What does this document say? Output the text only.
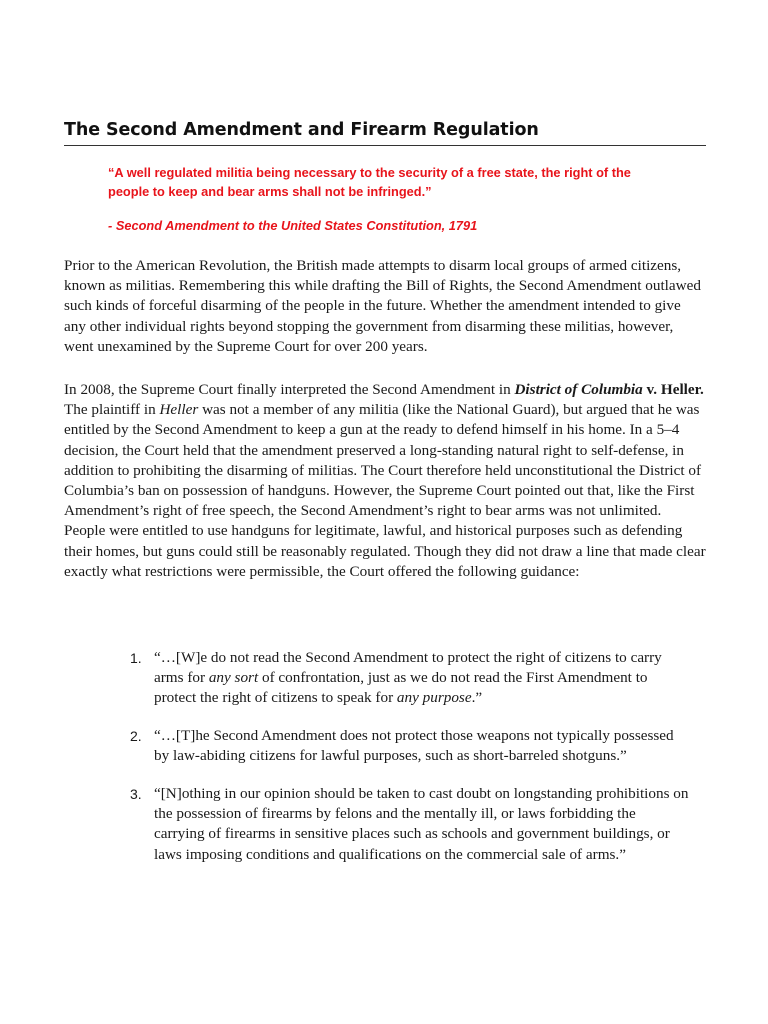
The Second Amendment and Firearm Regulation
“A well regulated militia being necessary to the security of a free state, the right of the people to keep and bear arms shall not be infringed.”
- Second Amendment to the United States Constitution, 1791

Prior to the American Revolution, the British made attempts to disarm local groups of armed citizens, known as militias. Remembering this while drafting the Bill of Rights, the Second Amendment outlawed such kinds of forceful disarming of the people in the future. Whether the amendment intended to give any other individual rights beyond stopping the government from disarming these militias, however, went unexamined by the Supreme Court for over 200 years.

In 2008, the Supreme Court finally interpreted the Second Amendment in District of Columbia v. Heller. The plaintiff in Heller was not a member of any militia (like the National Guard), but argued that he was entitled by the Second Amendment to keep a gun at the ready to defend himself in his home. In a 5–4 decision, the Court held that the amendment preserved a long-standing natural right to self-defense, in addition to prohibiting the disarming of militias. The Court therefore held unconstitutional the District of Columbia’s ban on possession of handguns. However, the Supreme Court pointed out that, like the First Amendment’s right of free speech, the Second Amendment’s right to bear arms was not unlimited. People were entitled to use handguns for legitimate, lawful, and historical purposes such as defending their homes, but guns could still be reasonably regulated. Though they did not draw a line that made clear exactly what restrictions were permissible, the Court offered the following guidance:

1. “…[W]e do not read the Second Amendment to protect the right of citizens to carry arms for any sort of confrontation, just as we do not read the First Amendment to protect the right of citizens to speak for any purpose.”
2. “…[T]he Second Amendment does not protect those weapons not typically possessed by law-abiding citizens for lawful purposes, such as short-barreled shotguns.”
3. “[N]othing in our opinion should be taken to cast doubt on longstanding prohibitions on the possession of firearms by felons and the mentally ill, or laws forbidding the carrying of firearms in sensitive places such as schools and government buildings, or laws imposing conditions and qualifications on the commercial sale of arms.”
